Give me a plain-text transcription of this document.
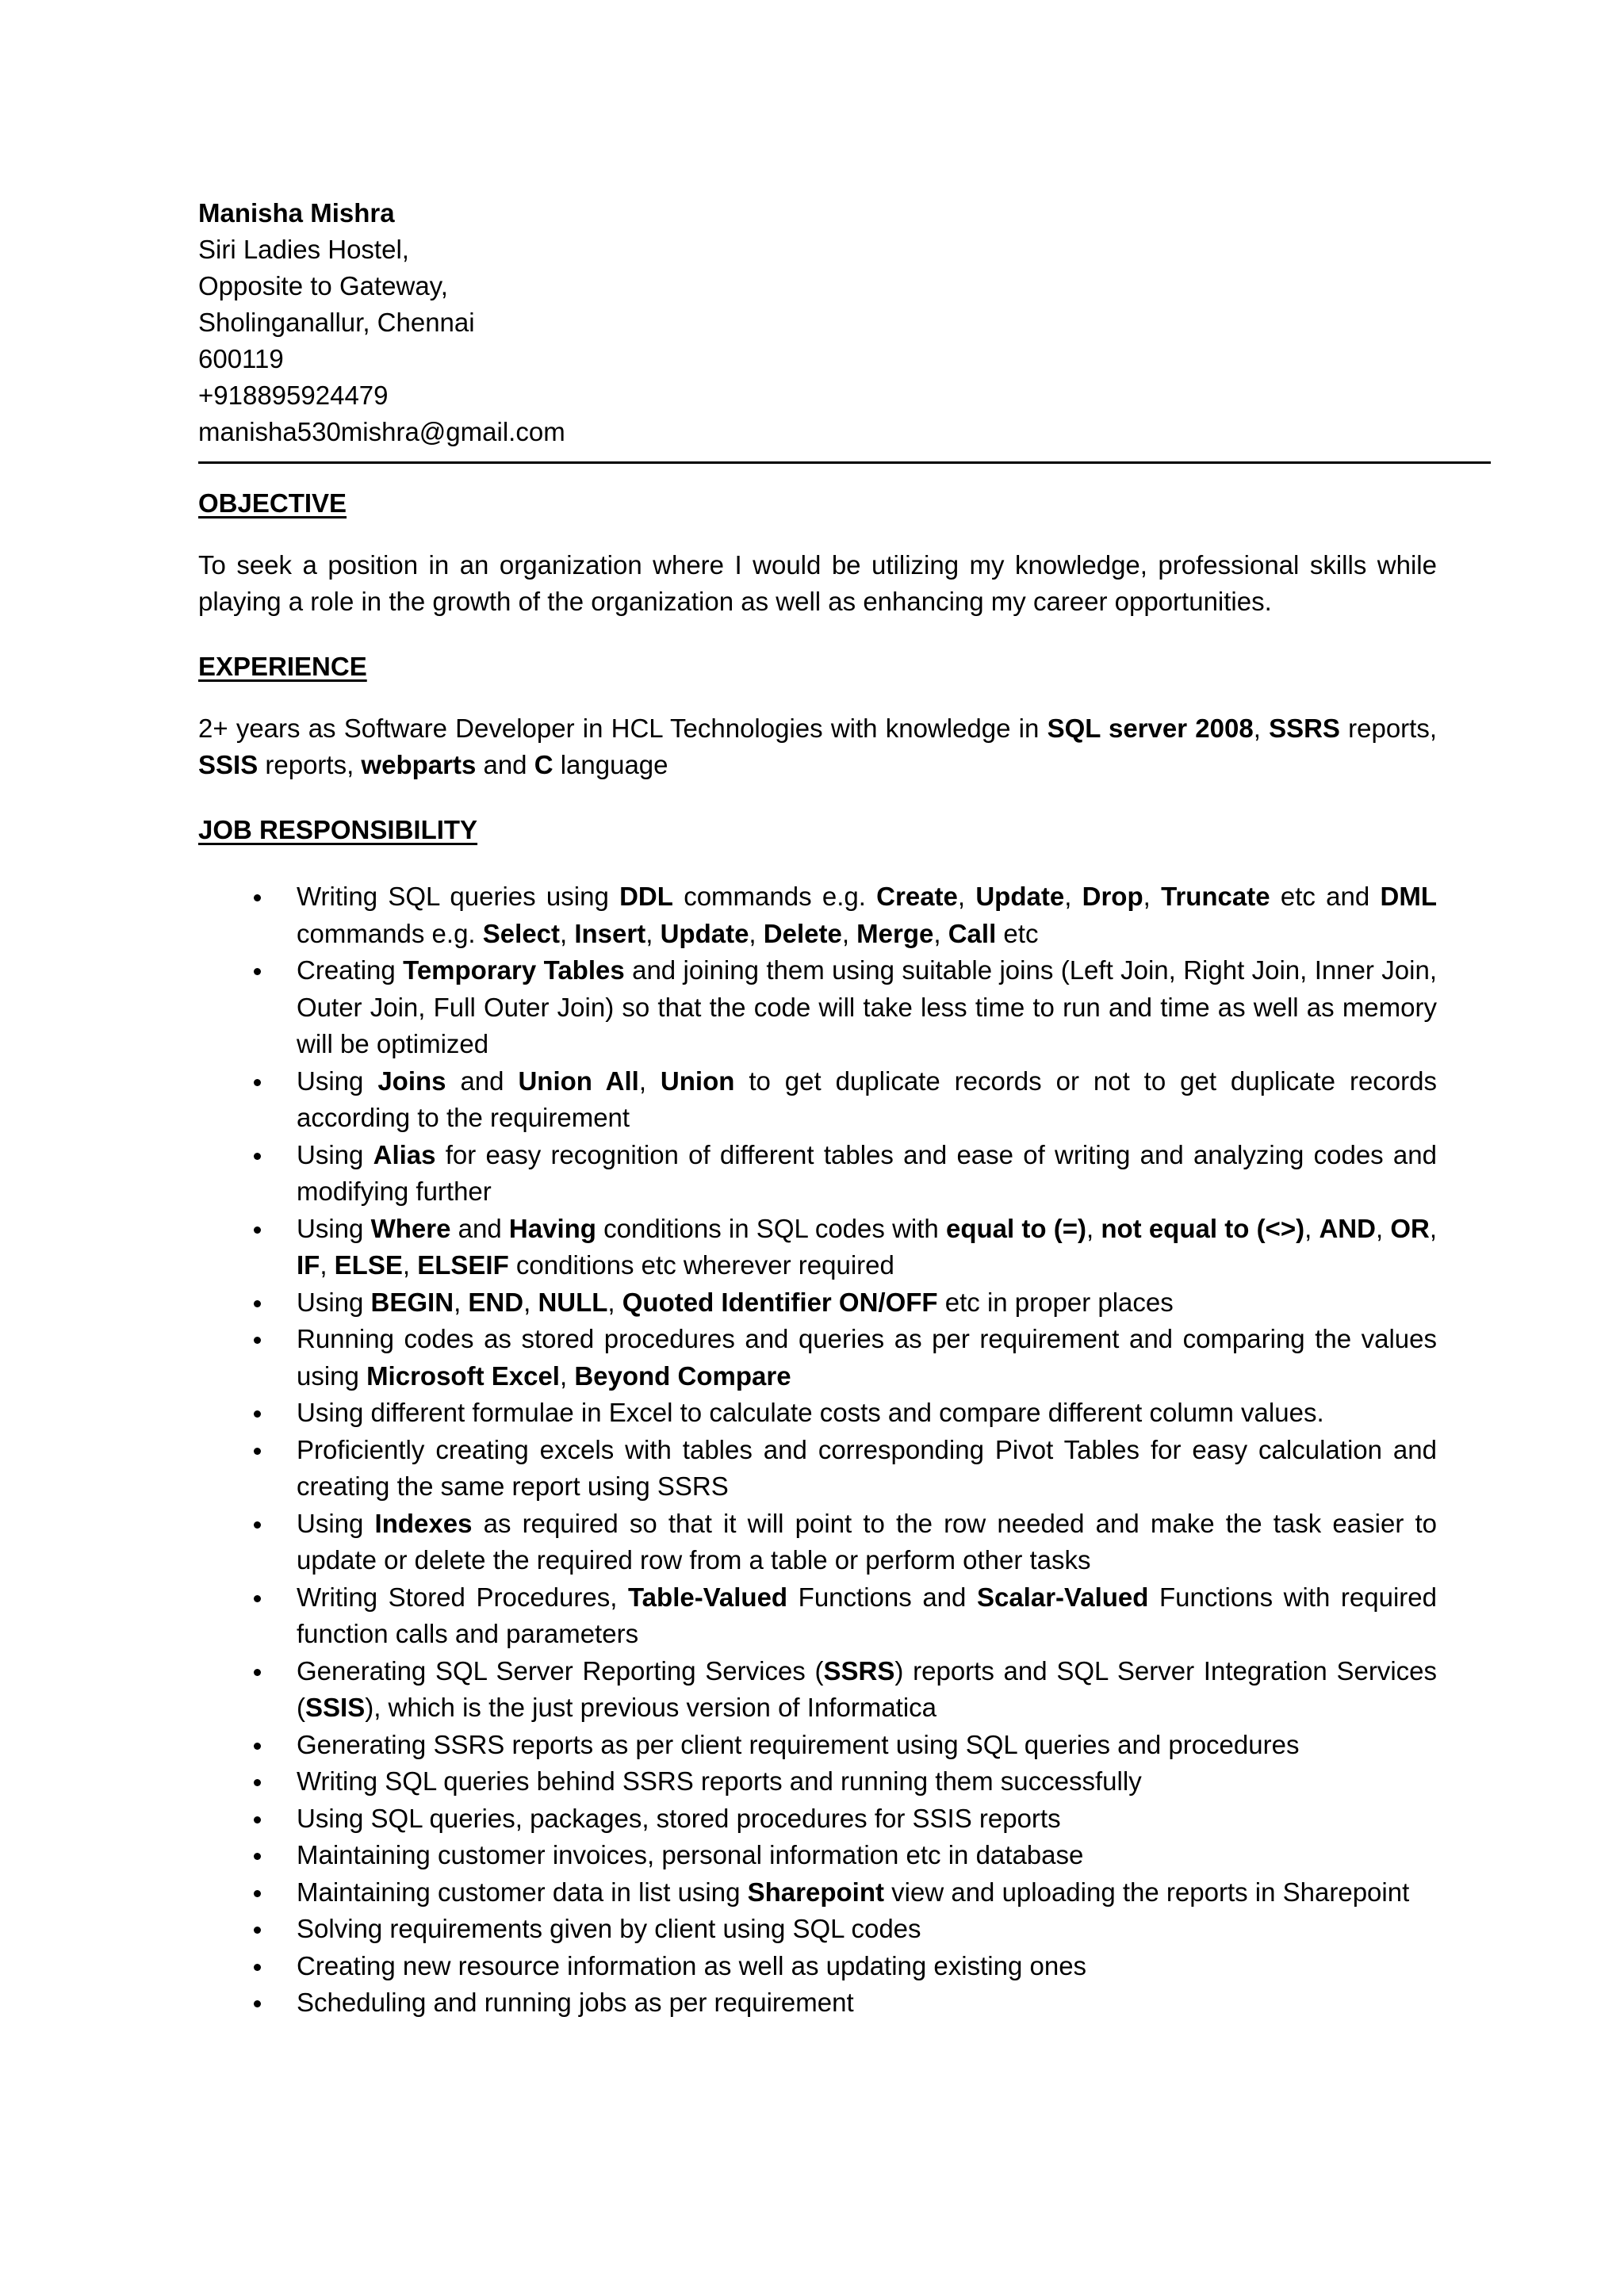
Manisha Mishra
Siri Ladies Hostel,
Opposite to Gateway,
Sholinganallur, Chennai
600119
+918895924479
manisha530mishra@gmail.com
OBJECTIVE
To seek a position in an organization where I would be utilizing my knowledge, professional skills while playing a role in the growth of the organization as well as enhancing my career opportunities.
EXPERIENCE
2+ years as Software Developer in HCL Technologies with knowledge in SQL server 2008, SSRS reports, SSIS reports, webparts and C language
JOB RESPONSIBILITY
Writing SQL queries using DDL commands e.g. Create, Update, Drop, Truncate etc and DML commands e.g. Select, Insert, Update, Delete, Merge, Call etc
Creating Temporary Tables and joining them using suitable joins (Left Join, Right Join, Inner Join, Outer Join, Full Outer Join) so that the code will take less time to run and time as well as memory will be optimized
Using Joins and Union All, Union to get duplicate records or not to get duplicate records according to the requirement
Using Alias for easy recognition of different tables and ease of writing and analyzing codes and modifying further
Using Where and Having conditions in SQL codes with equal to (=), not equal to (<>), AND, OR, IF, ELSE, ELSEIF conditions etc wherever required
Using BEGIN, END, NULL, Quoted Identifier ON/OFF etc in proper places
Running codes as stored procedures and queries as per requirement and comparing the values using Microsoft Excel, Beyond Compare
Using different formulae in Excel to calculate costs and compare different column values.
Proficiently creating excels with tables and corresponding Pivot Tables for easy calculation and creating the same report using SSRS
Using Indexes as required so that it will point to the row needed and make the task easier to update or delete the required row from a table or perform other tasks
Writing Stored Procedures, Table-Valued Functions and Scalar-Valued Functions with required function calls and parameters
Generating SQL Server Reporting Services (SSRS) reports and SQL Server Integration Services (SSIS), which is the just previous version of Informatica
Generating SSRS reports as per client requirement using SQL queries and procedures
Writing SQL queries behind SSRS reports and running them successfully
Using SQL queries, packages, stored procedures for SSIS reports
Maintaining customer invoices, personal information etc in database
Maintaining customer data in list using Sharepoint view and uploading the reports in Sharepoint
Solving requirements given by client using SQL codes
Creating new resource information as well as updating existing ones
Scheduling and running jobs as per requirement
